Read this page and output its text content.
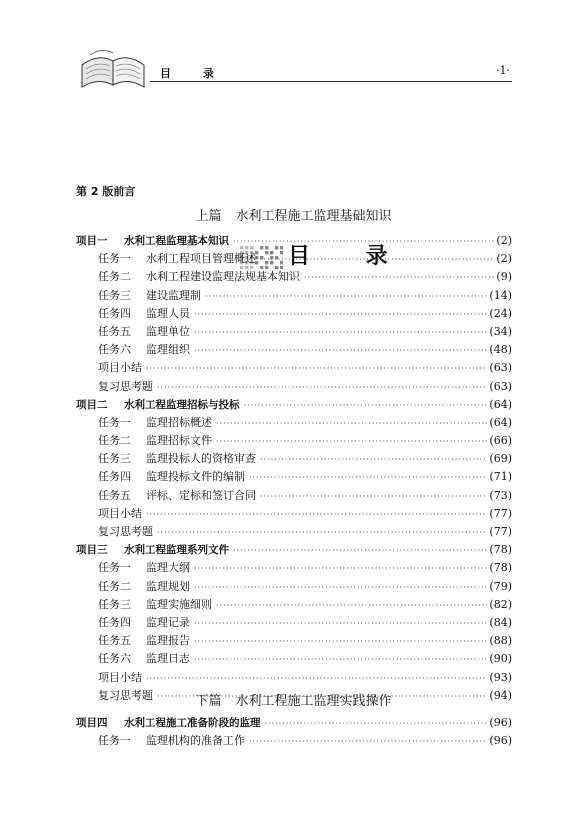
目 录	·1·
目 录
第 2 版前言
上篇 水利工程施工监理基础知识
项目一	水利工程监理基本知识 ·····	(2)
任务一	水利工程项目管理概述 ·····	(2)
任务二	水利工程建设监理法规基本知识 ·····	(9)
任务三	建设监理制 ·····	(14)
任务四	监理人员 ·····	(24)
任务五	监理单位 ·····	(34)
任务六	监理组织 ·····	(48)
项目小结 ·····	(63)
复习思考题 ·····	(63)
项目二	水利工程监理招标与投标 ·····	(64)
任务一	监理招标概述 ·····	(64)
任务二	监理招标文件 ·····	(66)
任务三	监理投标人的资格审查 ·····	(69)
任务四	监理投标文件的编制 ·····	(71)
任务五	评标、定标和签订合同 ·····	(73)
项目小结 ·····	(77)
复习思考题 ·····	(77)
项目三	水利工程监理系列文件 ·····	(78)
任务一	监理大纲 ·····	(78)
任务二	监理规划 ·····	(79)
任务三	监理实施细则 ·····	(82)
任务四	监理记录 ·····	(84)
任务五	监理报告 ·····	(88)
任务六	监理日志 ·····	(90)
项目小结 ·····	(93)
复习思考题 ·····	(94)
下篇 水利工程施工监理实践操作
项目四	水利工程施工准备阶段的监理 ·····	(96)
任务一	监理机构的准备工作 ·····	(96)
